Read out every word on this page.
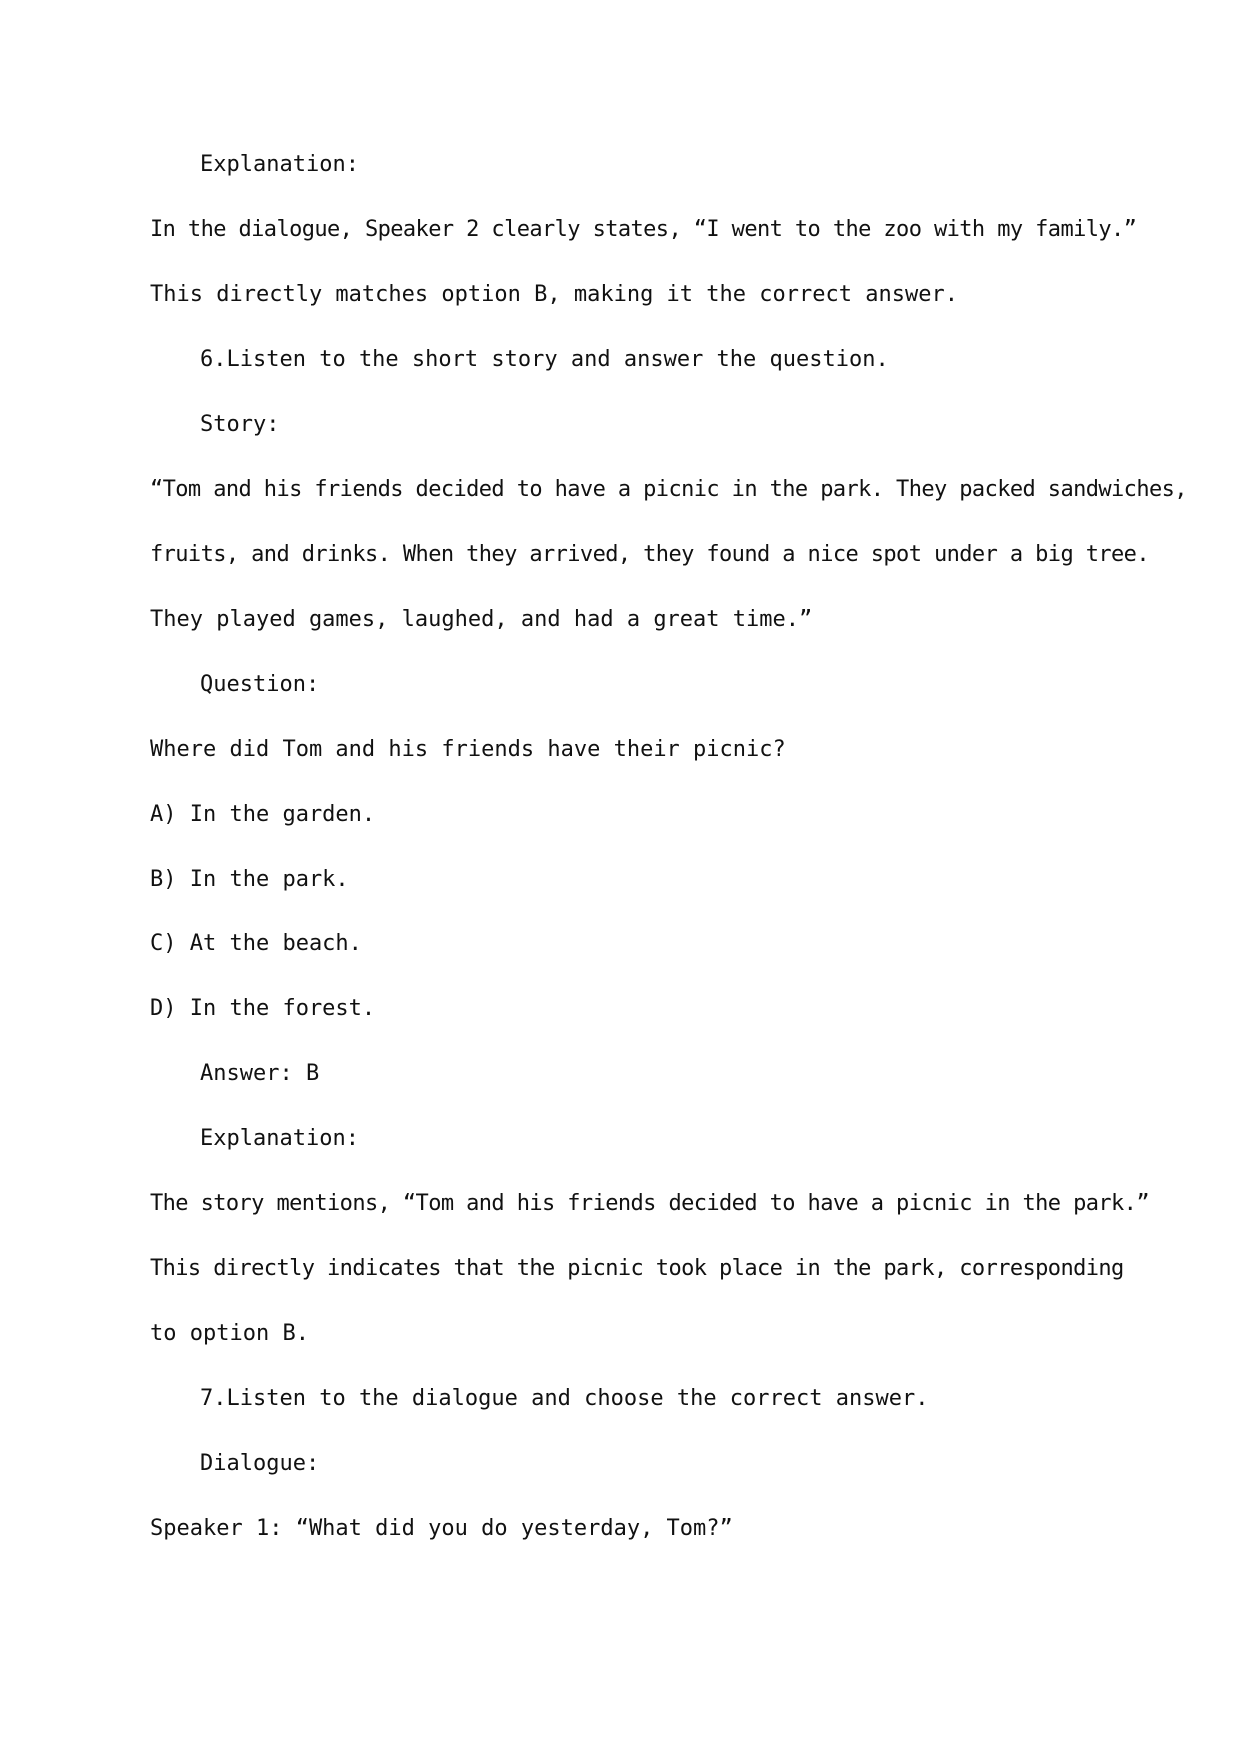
Explanation:
In the dialogue, Speaker 2 clearly states, “I went to the zoo with my family.”
This directly matches option B, making it the correct answer.
6.Listen to the short story and answer the question.
Story:
“Tom and his friends decided to have a picnic in the park. They packed sandwiches,
fruits, and drinks. When they arrived, they found a nice spot under a big tree.
They played games, laughed, and had a great time.”
Question:
Where did Tom and his friends have their picnic?
A) In the garden.
B) In the park.
C) At the beach.
D) In the forest.
Answer: B
Explanation:
The story mentions, “Tom and his friends decided to have a picnic in the park.”
This directly indicates that the picnic took place in the park, corresponding
to option B.
7.Listen to the dialogue and choose the correct answer.
Dialogue:
Speaker 1: “What did you do yesterday, Tom?”
